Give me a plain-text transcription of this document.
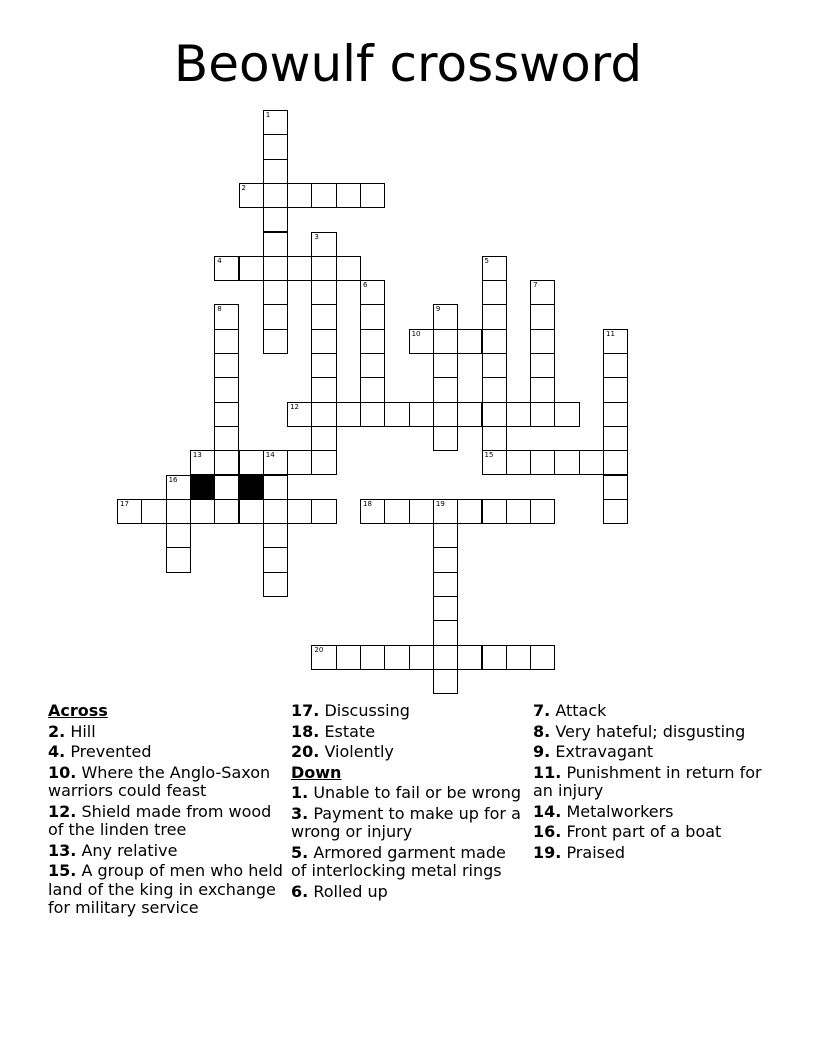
Beowulf crossword
1
2
3
4	5
6	7
8	9
10	11
12
13	14	15
16
17	18	19
20
Across
2. Hill
4. Prevented
10. Where the Anglo-Saxon warriors could feast
12. Shield made from wood of the linden tree
13. Any relative
15. A group of men who held land of the king in exchange for military service
17. Discussing
18. Estate
20. Violently
Down
1. Unable to fail or be wrong
3. Payment to make up for a wrong or injury
5. Armored garment made of interlocking metal rings
6. Rolled up
7. Attack
8. Very hateful; disgusting
9. Extravagant
11. Punishment in return for an injury
14. Metalworkers
16. Front part of a boat
19. Praised
